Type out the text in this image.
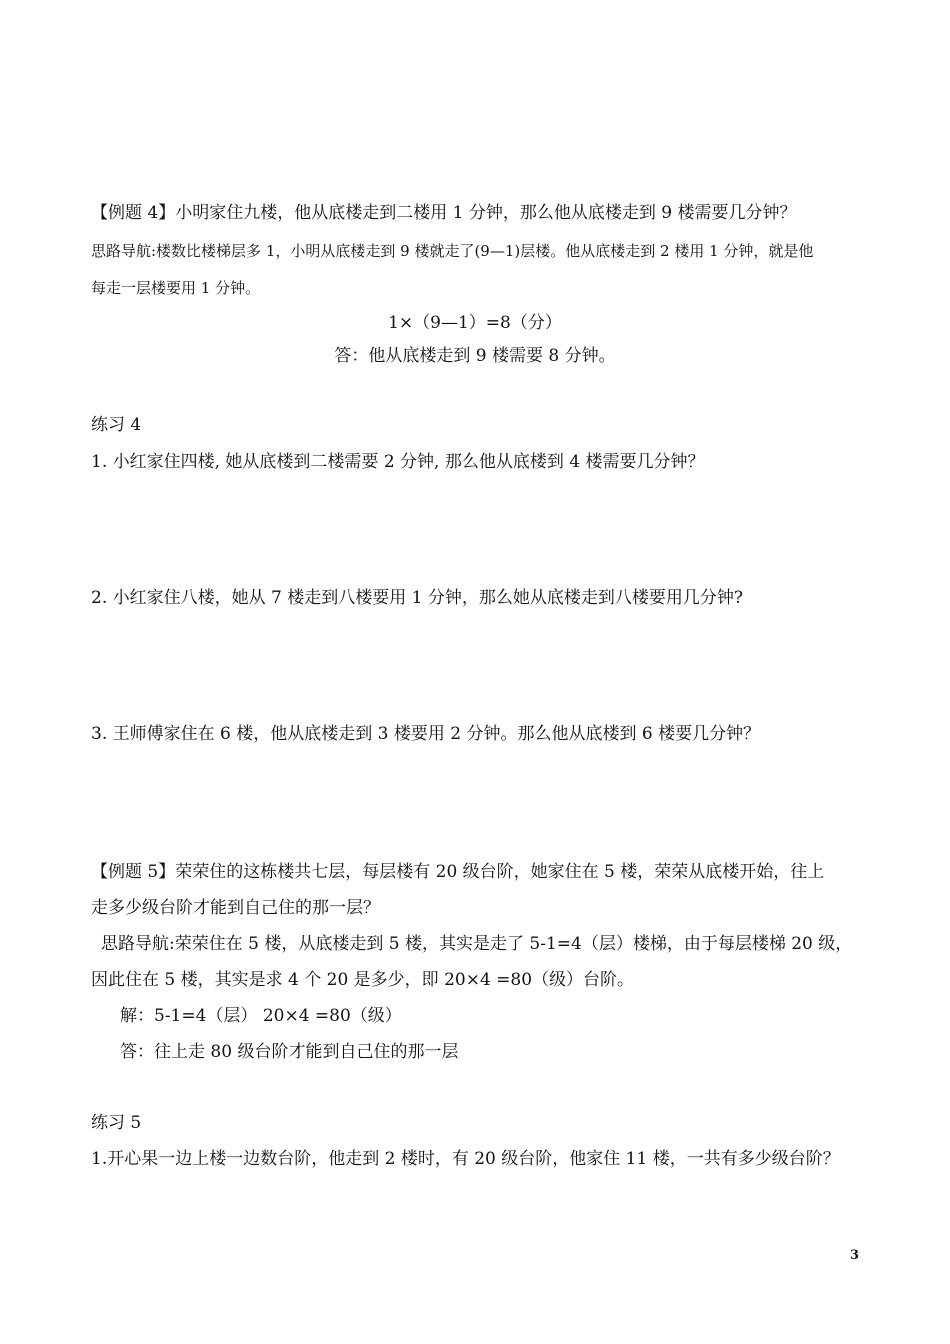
【例题 4】小明家住九楼，他从底楼走到二楼用 1 分钟，那么他从底楼走到 9 楼需要几分钟？
思路导航:楼数比楼梯层多 1，小明从底楼走到 9 楼就走了(9—1)层楼。他从底楼走到 2 楼用 1 分钟，就是他
每走一层楼要用 1 分钟。
1×（9—1）=8（分）
答：他从底楼走到 9 楼需要 8 分钟。
练习 4
1. 小红家住四楼, 她从底楼到二楼需要 2 分钟, 那么他从底楼到 4 楼需要几分钟？
2. 小红家住八楼，她从 7 楼走到八楼要用 1 分钟，那么她从底楼走到八楼要用几分钟?
3. 王师傅家住在 6 楼，他从底楼走到 3 楼要用 2 分钟。那么他从底楼到 6 楼要几分钟？
【例题 5】荣荣住的这栋楼共七层，每层楼有 20 级台阶，她家住在 5 楼，荣荣从底楼开始，往上
走多少级台阶才能到自己住的那一层？
思路导航:荣荣住在 5 楼，从底楼走到 5 楼，其实是走了 5-1=4（层）楼梯，由于每层楼梯 20 级，
因此住在 5 楼，其实是求 4 个 20 是多少，即 20×4 =80（级）台阶。
解：5-1=4（层） 20×4 =80（级）
答：往上走 80 级台阶才能到自己住的那一层
练习 5
1.开心果一边上楼一边数台阶，他走到 2 楼时，有 20 级台阶，他家住 11 楼，一共有多少级台阶？
3
